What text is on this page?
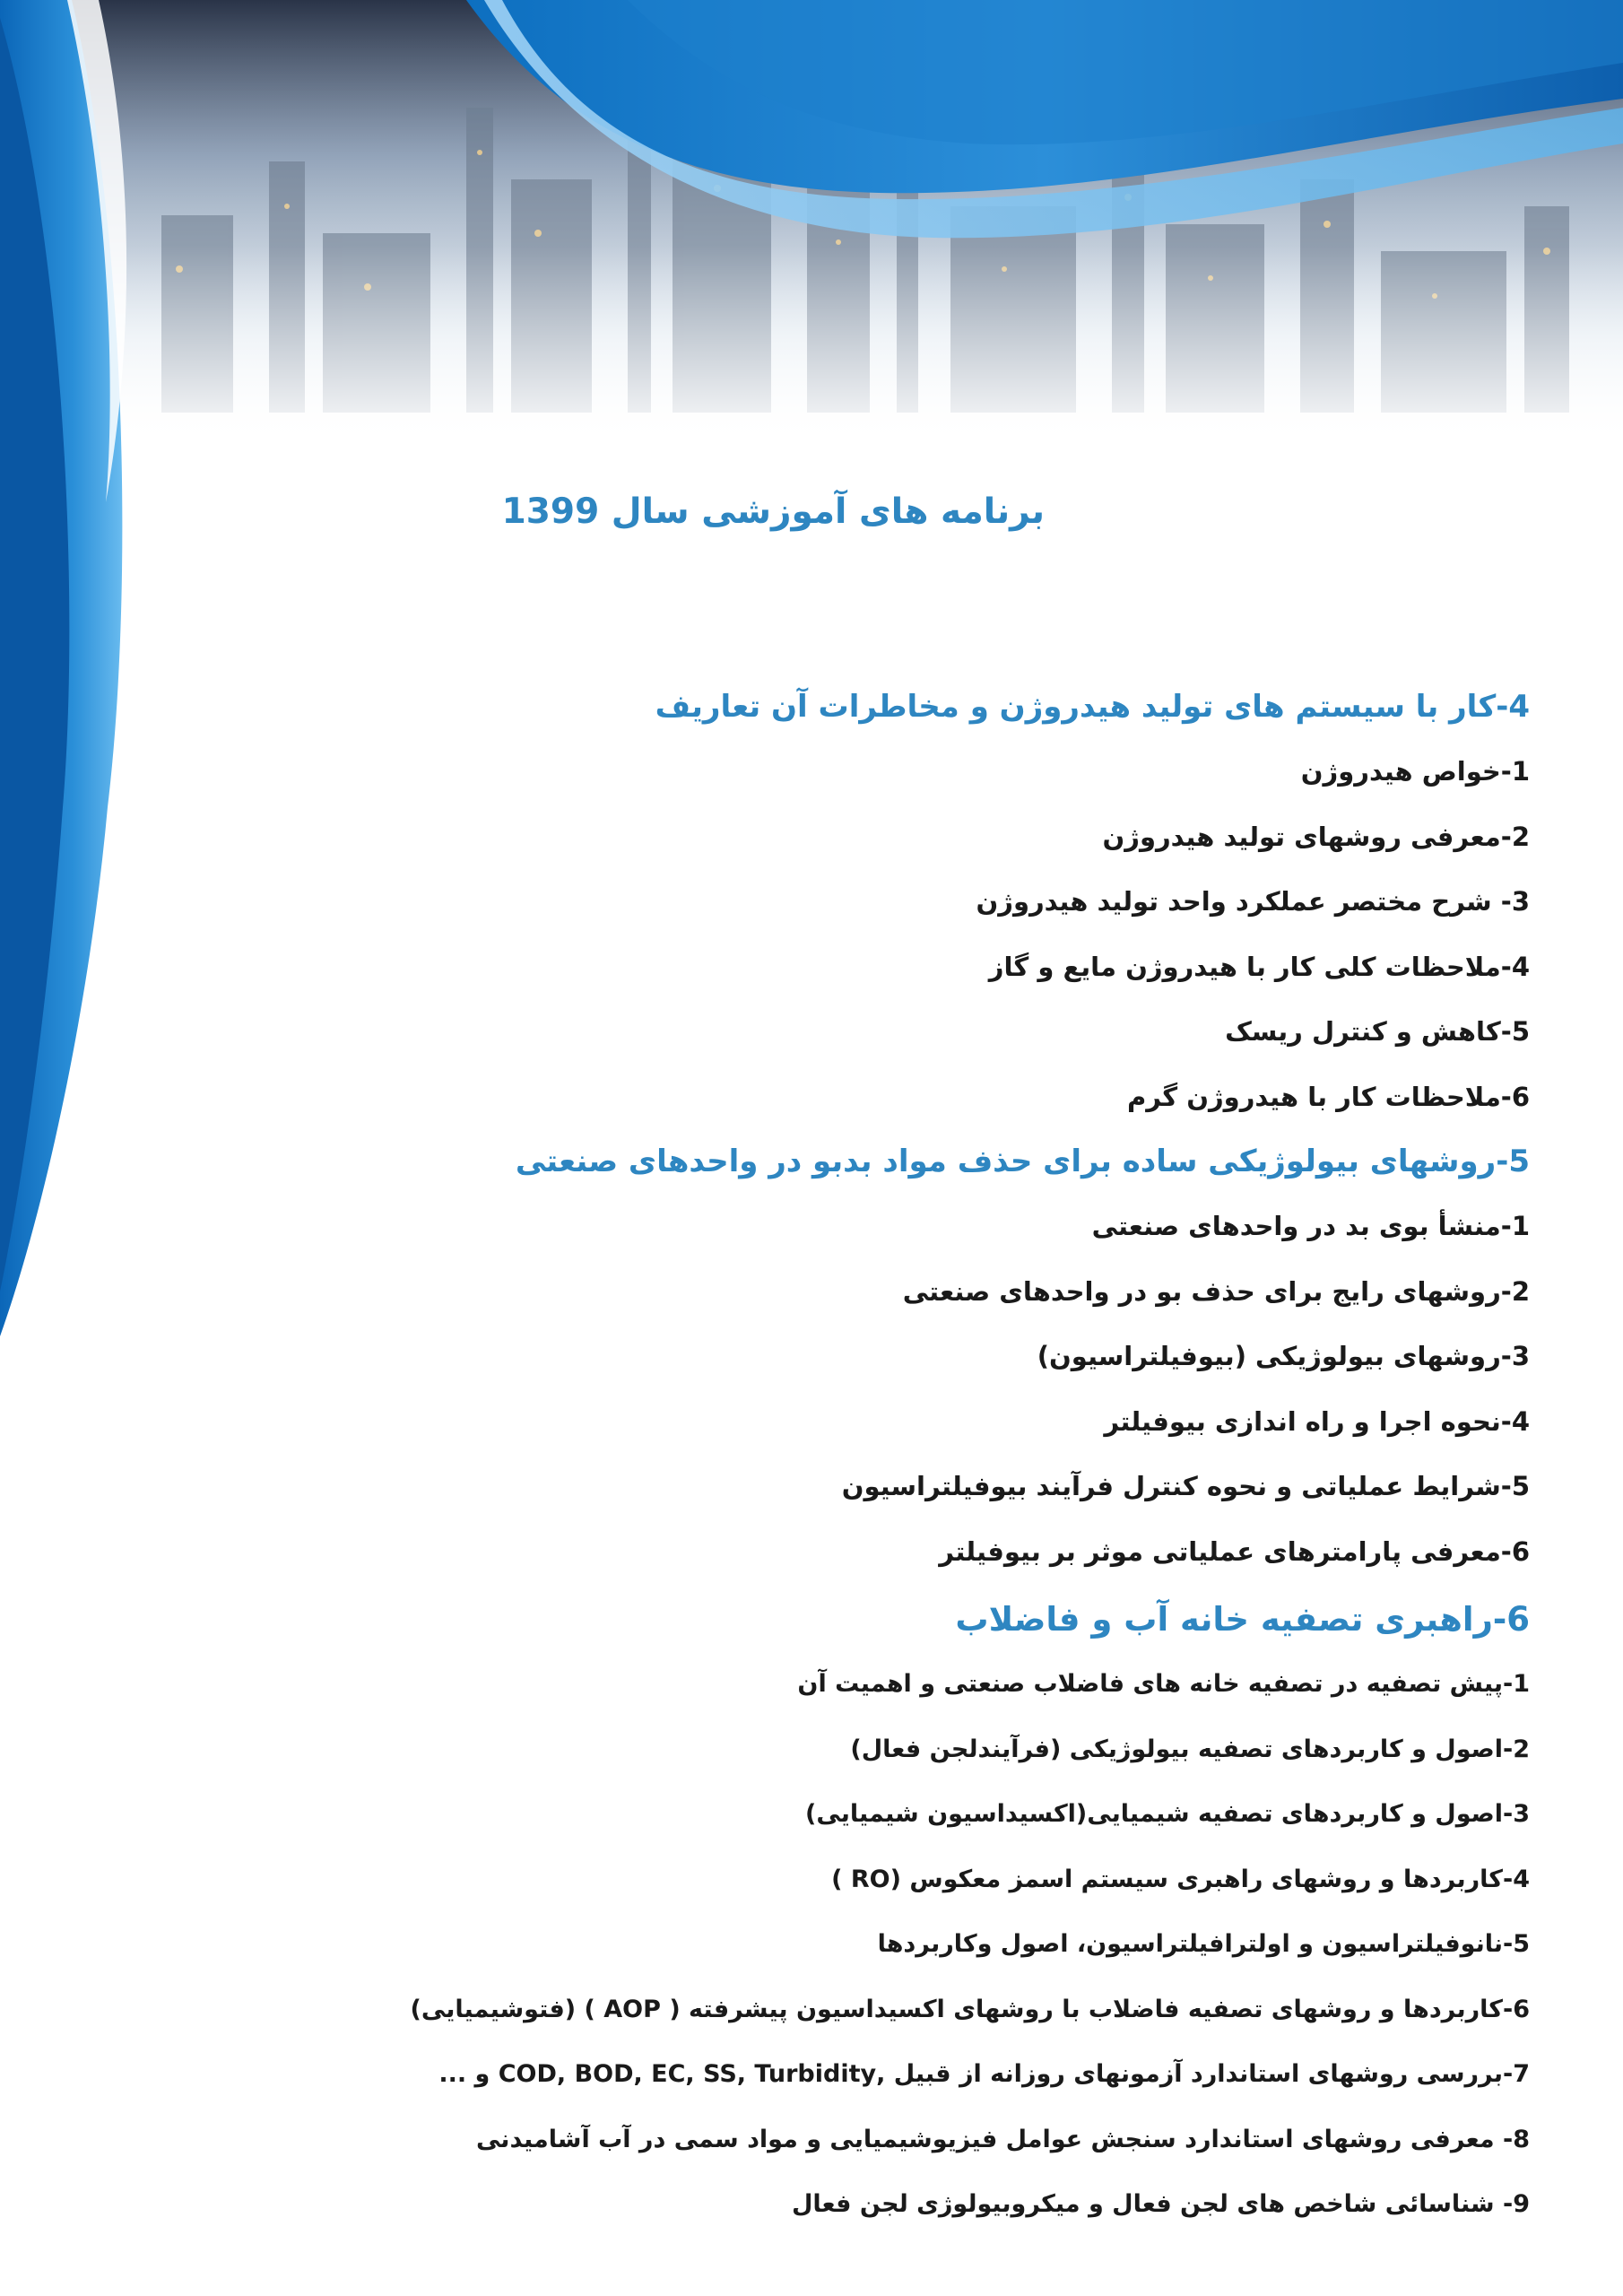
برنامه های آموزشی سال 1399
4-کار با سیستم های تولید هیدروژن و مخاطرات آن تعاریف
1-خواص هیدروژن
2-معرفی روشهای تولید هیدروژن
3- شرح مختصر عملکرد واحد تولید هیدروژن
4-ملاحظات کلی کار با هیدروژن مایع و گاز
5-کاهش و کنترل ریسک
6-ملاحظات کار با هیدروژن گرم
5-روشهای بیولوژیکی ساده برای حذف مواد بدبو در واحدهای صنعتی
1-منشأ بوی بد در واحدهای صنعتی
2-روشهای رایج برای حذف بو در واحدهای صنعتی
3-روشهای بیولوژیکی (بیوفیلتراسیون)
4-نحوه اجرا و راه اندازی بیوفیلتر
5-شرایط عملیاتی و نحوه کنترل فرآیند بیوفیلتراسیون
6-معرفی پارامترهای عملیاتی موثر بر بیوفیلتر
6-راهبری تصفیه خانه آب و فاضلاب
1-پیش تصفیه در تصفیه خانه های فاضلاب صنعتی و اهمیت آن
2-اصول و کاربردهای تصفیه بیولوژیکی (فرآیندلجن فعال)
3-اصول و کاربردهای تصفیه شیمیایی(اکسیداسیون شیمیایی)
4-کاربردها و روشهای راهبری سیستم اسمز معکوس (RO )
5-نانوفیلتراسیون و اولترافیلتراسیون، اصول وکاربردها
6-کاربردها و روشهای تصفیه فاضلاب با روشهای اکسیداسیون پیشرفته ( AOP ) (فتوشیمیایی)
7-بررسی روشهای استاندارد آزمونهای روزانه از قبیل ,COD, BOD, EC, SS, Turbidity و ...
8- معرفی روشهای استاندارد سنجش عوامل فیزیوشیمیایی و مواد سمی در آب آشامیدنی
9- شناسائی شاخص های لجن فعال و میکروبیولوژی لجن فعال
